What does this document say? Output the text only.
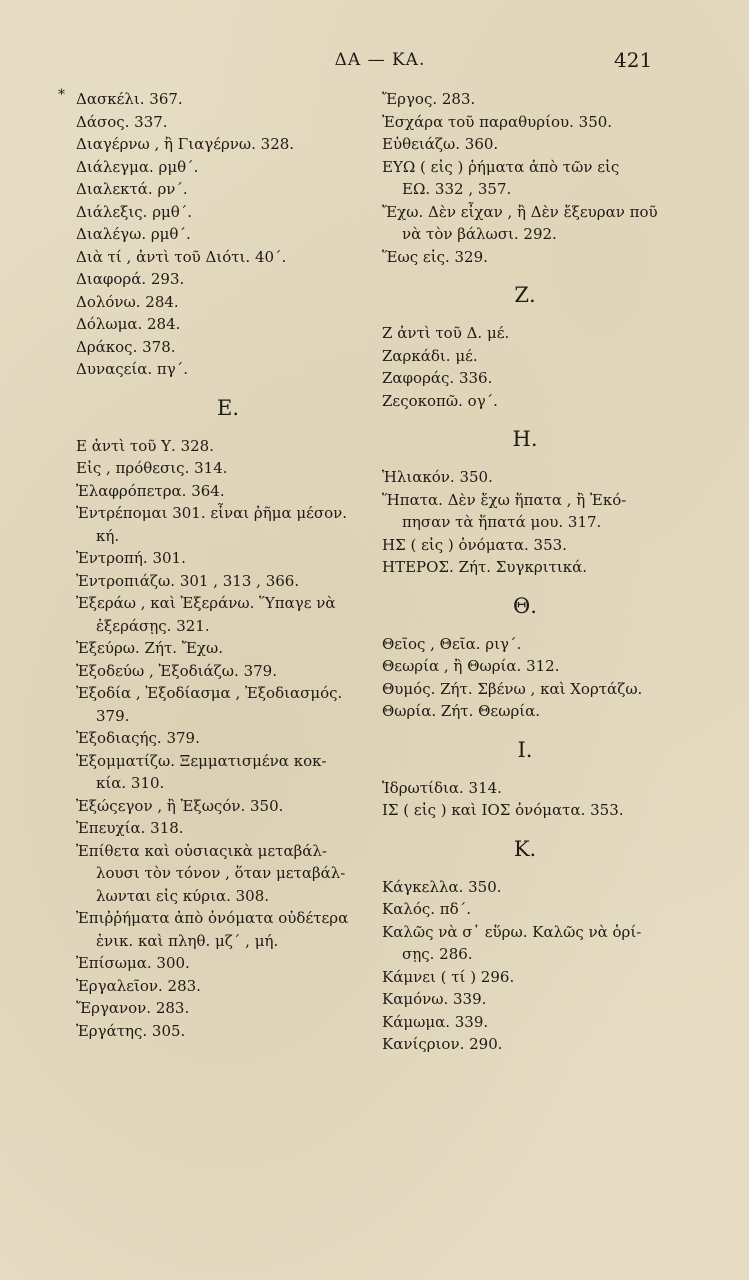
ΔΑ — ΚΑ.	421
* Δασκέλι. 367.
Δάσος. 337.
Διαγέρνω , ἢ Γιαγέρνω. 328.
Διάλεγμα. ρμθ΄.
Διαλεκτά. ρν΄.
Διάλεξις. ρμθ΄.
Διαλέγω. ρμθ΄.
Διὰ τί , ἀντὶ τοῦ Διότι. 40΄.
Διαφορά. 293.
Δολόνω. 284.
Δόλωμα. 284.
Δράκος. 378.
Δυναςεία. πγ΄.
Ε.
Ε ἀντὶ τοῦ Υ. 328.
Εἰς , πρόθεσις. 314.
Ἐλαφρόπετρα. 364.
Ἐντρέπομαι 301. εἶναι ῥῆμα μέσον.
κή.
Ἐντροπή. 301.
Ἐντροπιάζω. 301 , 313 , 366.
Ἐξεράω , καὶ Ἐξεράνω. Ὕπαγε νὰ
ἐξεράσῃς. 321.
Ἐξεύρω. Ζήτ. Ἔχω.
Ἐξοδεύω , Ἐξοδιάζω. 379.
Ἐξοδία , Ἐξοδίασμα , Ἐξοδιασμός.
379.
Ἐξοδιαςής. 379.
Ἐξομματίζω. Ξεμματισμένα κοκ-
κία. 310.
Ἐξώςεγον , ἢ Ἐξωςόν. 350.
Ἐπευχία. 318.
Ἐπίθετα καὶ οὐσιαςικὰ μεταβάλ-
λουσι τὸν τόνον , ὅταν μεταβάλ-
λωνται εἰς κύρια. 308.
Ἐπιῤῥήματα ἀπὸ ὀνόματα οὐδέτερα
ἑνικ. καὶ πληθ. μζ΄ , μή.
Ἐπίσωμα. 300.
Ἐργαλεῖον. 283.
Ἔργανον. 283.
Ἐργάτης. 305.
Ἔργος. 283.
Ἐσχάρα τοῦ παραθυρίου. 350.
Εὐθειάζω. 360.
ΕΥΩ ( εἰς ) ῥήματα ἀπὸ τῶν εἰς
ΕΩ. 332 , 357.
Ἔχω. Δὲν εἶχαν , ἢ Δὲν ἔξευραν ποῦ
νὰ τὸν βάλωσι. 292.
Ἕως εἰς. 329.
Ζ.
Ζ ἀντὶ τοῦ Δ. μέ.
Ζαρκάδι. μέ.
Ζαφοράς. 336.
Ζεςοκοπῶ. ογ΄.
Η.
Ἡλιακόν. 350.
Ἥπατα. Δὲν ἔχω ἥπατα , ἢ Ἐκό-
πησαν τὰ ἥπατά μου. 317.
ΗΣ ( εἰς ) ὀνόματα. 353.
ΗΤΕΡΟΣ. Ζήτ. Συγκριτικά.
Θ.
Θεῖος , Θεῖα. ριγ΄.
Θεωρία , ἢ Θωρία. 312.
Θυμός. Ζήτ. Σβένω , καὶ Χορτάζω.
Θωρία. Ζήτ. Θεωρία.
Ι.
Ἱδρωτίδια. 314.
ΙΣ ( εἰς ) καὶ ΙΟΣ ὀνόματα. 353.
Κ.
Κάγκελλα. 350.
Καλός. πδ΄.
Καλῶς νὰ σ᾽ εὕρω. Καλῶς νὰ ὁρί-
σῃς. 286.
Κάμνει ( τί ) 296.
Καμόνω. 339.
Κάμωμα. 339.
Κανίςριον. 290.
